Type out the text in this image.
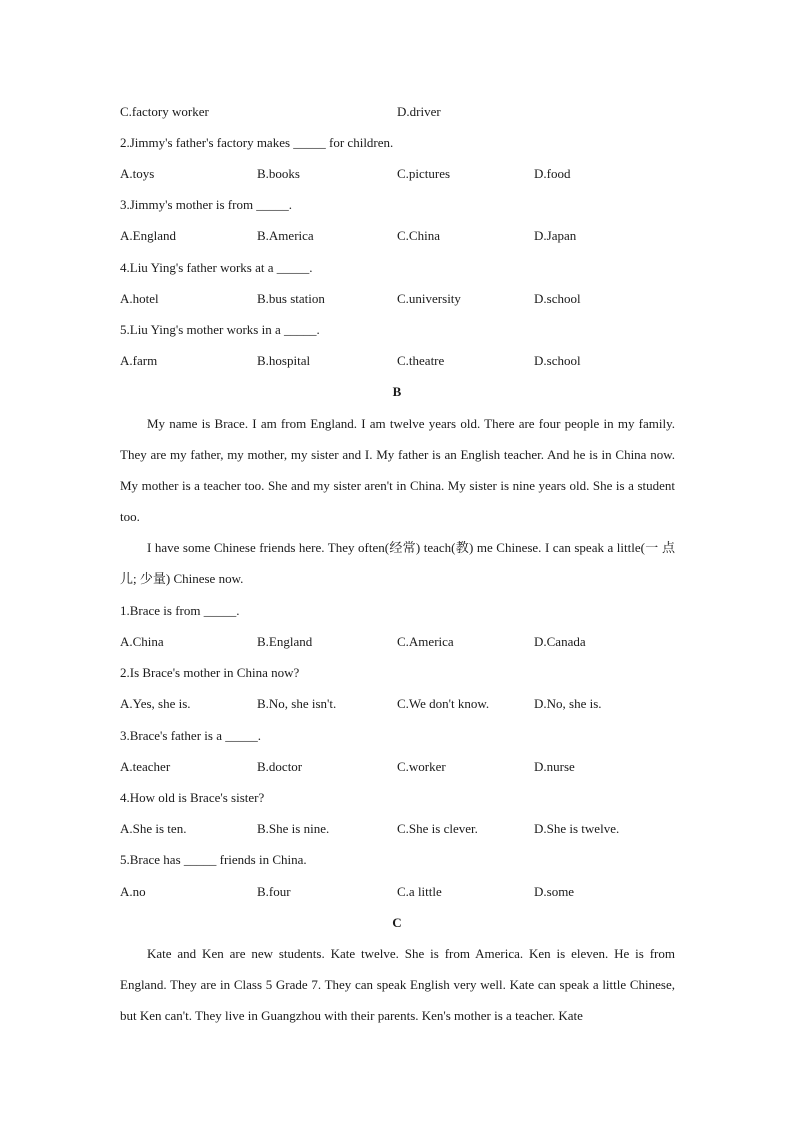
C.factory worker	D.driver
2.Jimmy's father's factory makes _____ for children.
A.toys	B.books	C.pictures	D.food
3.Jimmy's mother is from _____.
A.England	B.America	C.China	D.Japan
4.Liu Ying's father works at a _____.
A.hotel	B.bus station	C.university	D.school
5.Liu Ying's mother works in a _____.
A.farm	B.hospital	C.theatre	D.school
B

My name is Brace. I am from England. I am twelve years old. There are four people in my family. They are my father, my mother, my sister and I. My father is an English teacher. And he is in China now. My mother is a teacher too. She and my sister aren't in China. My sister is nine years old. She is a student too.

I have some Chinese friends here. They often(经常) teach(教) me Chinese. I can speak a little(一 点儿; 少量) Chinese now.

1.Brace is from _____.
A.China	B.England	C.America	D.Canada
2.Is Brace's mother in China now?
A.Yes, she is.	B.No, she isn't.	C.We don't know.	D.No, she is.
3.Brace's father is a _____.
A.teacher	B.doctor	C.worker	D.nurse
4.How old is Brace's sister?
A.She is ten.	B.She is nine.	C.She is clever.	D.She is twelve.
5.Brace has _____ friends in China.
A.no	B.four	C.a little	D.some
C

Kate and Ken are new students. Kate twelve. She is from America. Ken is eleven. He is from England. They are in Class 5 Grade 7. They can speak English very well. Kate can speak a little Chinese, but Ken can't. They live in Guangzhou with their parents. Ken's mother is a teacher. Kate
